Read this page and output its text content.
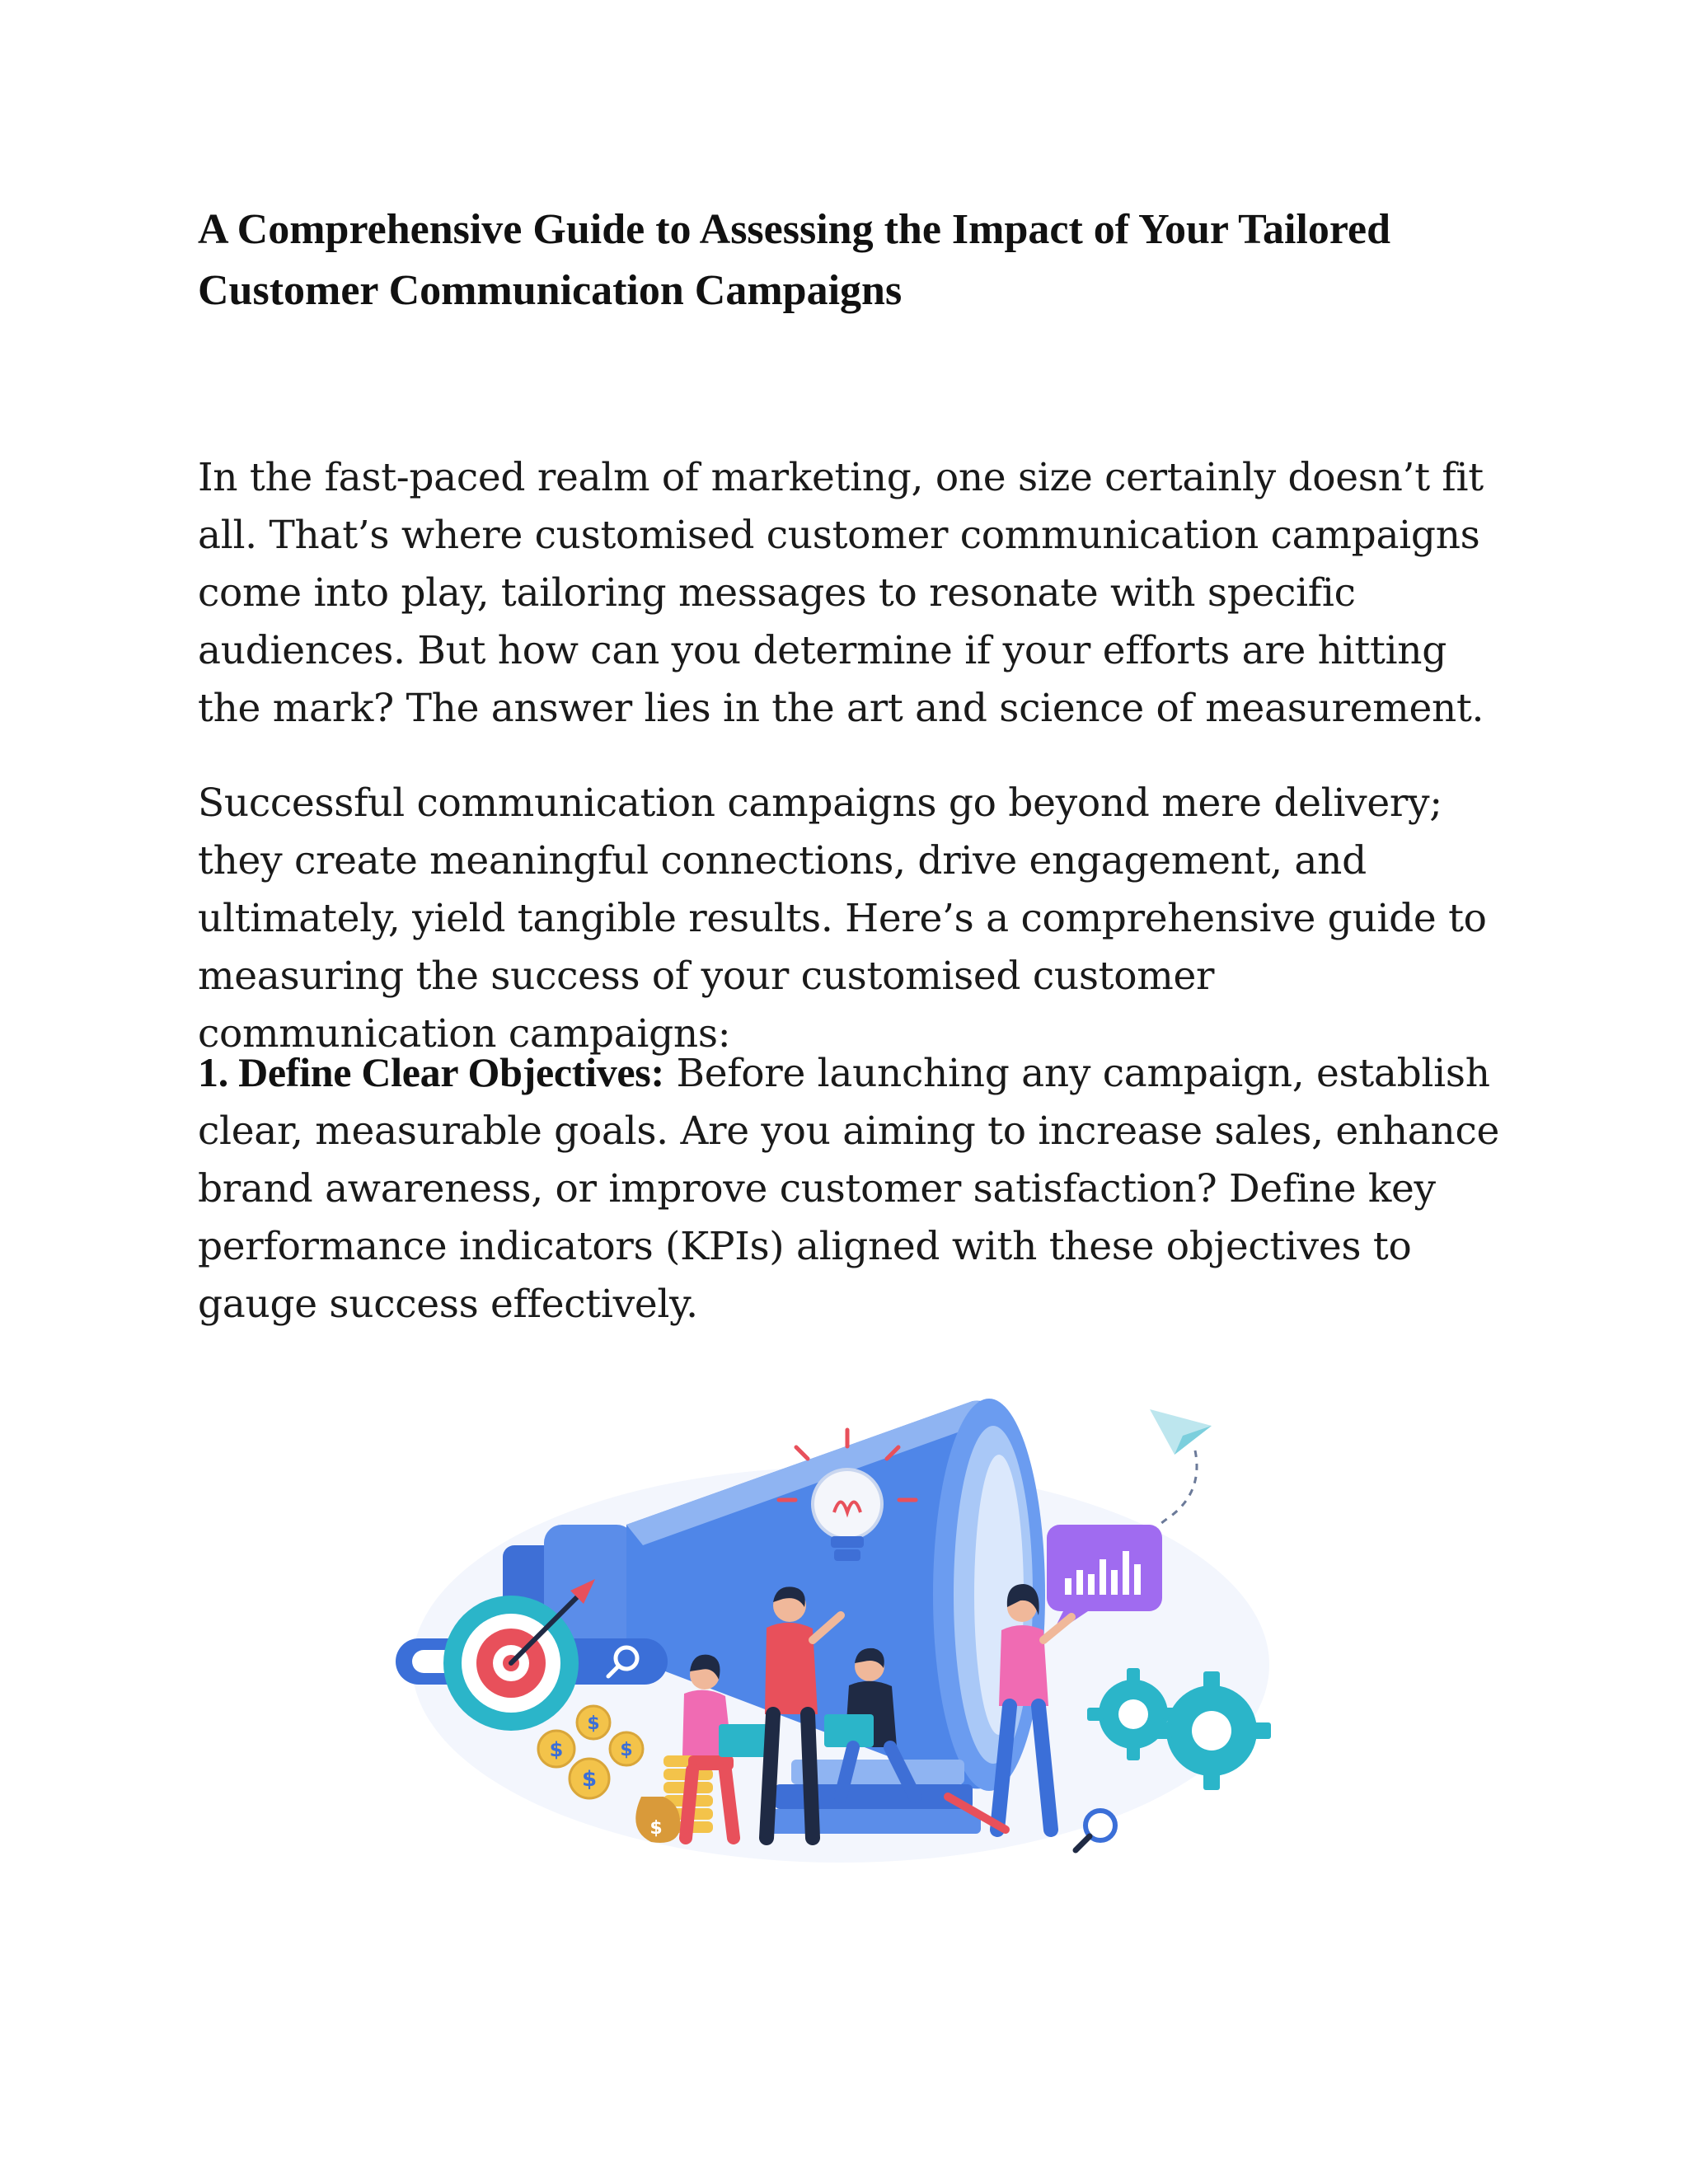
A Comprehensive Guide to Assessing the Impact of Your Tailored Customer Communication Campaigns

In the fast-paced realm of marketing, one size certainly doesn’t fit all. That’s where customised customer communication campaigns come into play, tailoring messages to resonate with specific audiences. But how can you determine if your efforts are hitting the mark? The answer lies in the art and science of measurement.

Successful communication campaigns go beyond mere delivery; they create meaningful connections, drive engagement, and ultimately, yield tangible results. Here’s a comprehensive guide to measuring the success of your customised customer communication campaigns:

1. Define Clear Objectives: Before launching any campaign, establish clear, measurable goals. Are you aiming to increase sales, enhance brand awareness, or improve customer satisfaction? Define key performance indicators (KPIs) aligned with these objectives to gauge success effectively.

$
$
$
$
$
